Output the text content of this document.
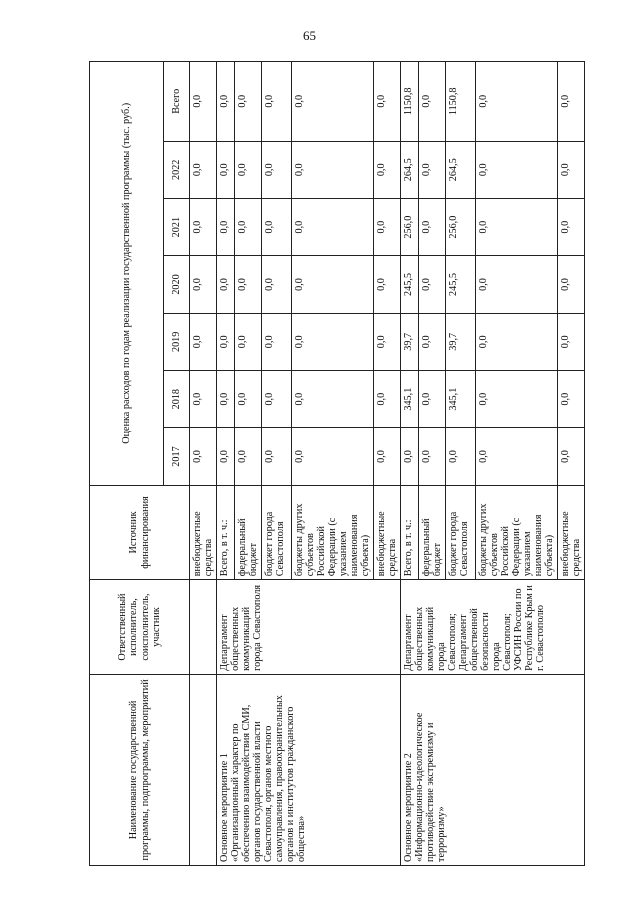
65
Наименование государственной программы, подпрограммы, мероприятий	Ответственный исполнитель, соисполнитель, участник	Источник финансирования	Оценка расходов по годам реализации государственной программы (тыс. руб.)						
			2017	2018	2019	2020	2021	2022	Всего
		внебюджетные средства	0,0	0,0	0,0	0,0	0,0	0,0	0,0
Основное мероприятие 1 «Организационный характер по обеспечению взаимодействия СМИ, органов государственной власти Севастополя, органов местного самоуправления, правоохранительных органов и институтов гражданского общества»	Департамент общественных коммуникаций города Севастополя	Всего, в т. ч.:	0,0	0,0	0,0	0,0	0,0	0,0	0,0
		федеральный бюджет	0,0	0,0	0,0	0,0	0,0	0,0	0,0
		бюджет города Севастополя	0,0	0,0	0,0	0,0	0,0	0,0	0,0
		бюджеты других субъектов Российской Федерации (с указанием наименования субъекта)	0,0	0,0	0,0	0,0	0,0	0,0	0,0
		внебюджетные средства	0,0	0,0	0,0	0,0	0,0	0,0	0,0
Основное мероприятие 2 «Информационно-идеологическое противодействие экстремизму и терроризму»	Департамент общественных коммуникаций города Севастополя; Департамент общественной безопасности города Севастополя; УФСИН России по Республике Крым и г. Севастополю	Всего, в т. ч.:	0,0	345,1	39,7	245,5	256,0	264,5	1150,8
		федеральный бюджет	0,0	0,0	0,0	0,0	0,0	0,0	0,0
		бюджет города Севастополя	0,0	345,1	39,7	245,5	256,0	264,5	1150,8
		бюджеты других субъектов Российской Федерации (с указанием наименования субъекта)	0,0	0,0	0,0	0,0	0,0	0,0	0,0
		внебюджетные средства	0,0	0,0	0,0	0,0	0,0	0,0	0,0
